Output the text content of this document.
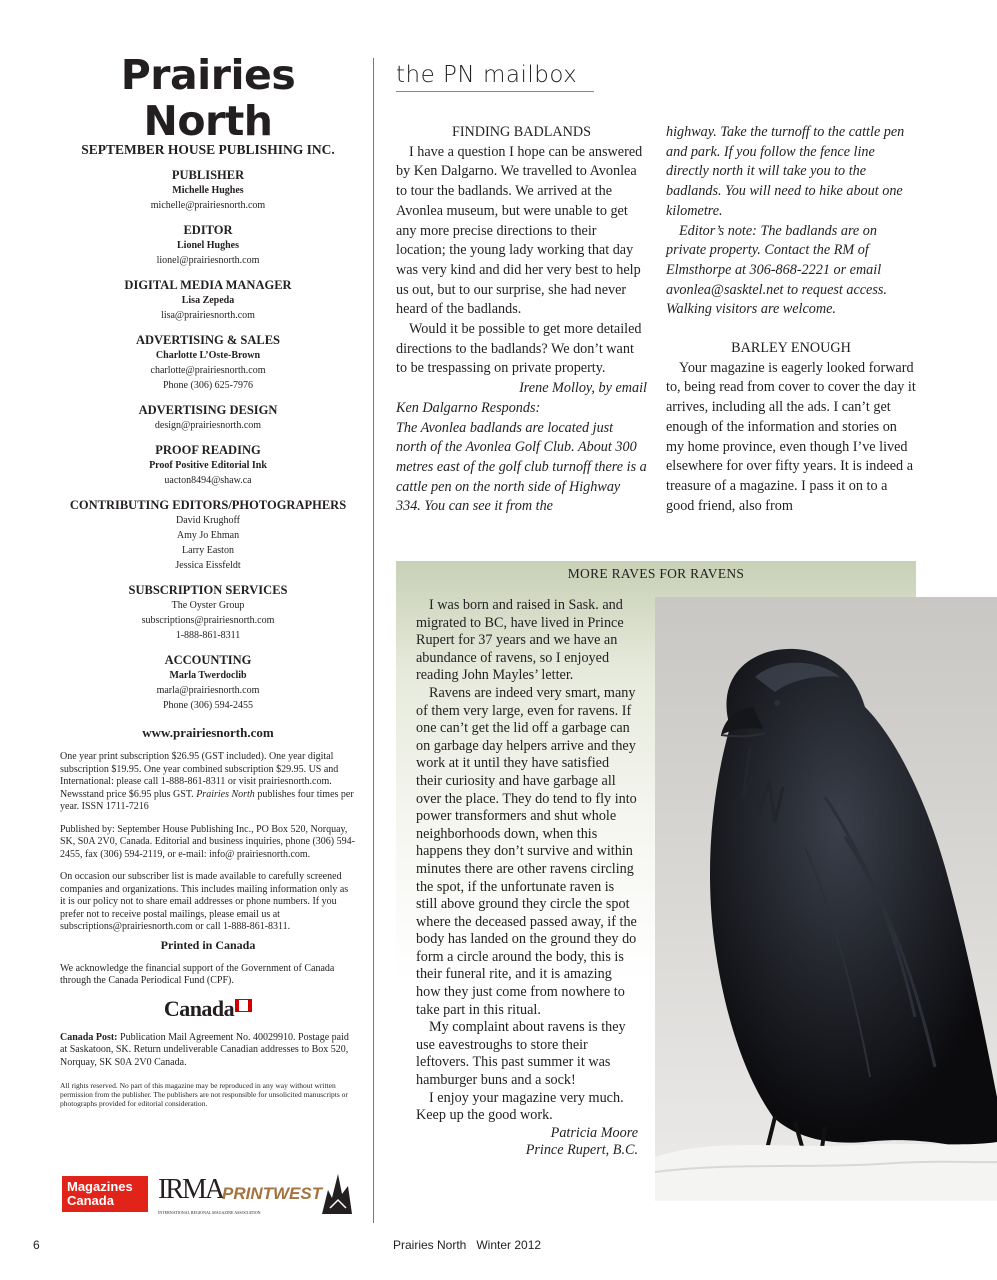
Prairies North
SEPTEMBER HOUSE PUBLISHING INC.
PUBLISHER
Michelle Hughes
michelle@prairiesnorth.com
EDITOR
Lionel Hughes
lionel@prairiesnorth.com
DIGITAL MEDIA MANAGER
Lisa Zepeda
lisa@prairiesnorth.com
ADVERTISING & SALES
Charlotte L’Oste-Brown
charlotte@prairiesnorth.com
Phone (306) 625-7976
ADVERTISING DESIGN
design@prairiesnorth.com
PROOF READING
Proof Positive Editorial Ink
uacton8494@shaw.ca
CONTRIBUTING EDITORS/PHOTOGRAPHERS
David Krughoff
Amy Jo Ehman
Larry Easton
Jessica Eissfeldt
SUBSCRIPTION SERVICES
The Oyster Group
subscriptions@prairiesnorth.com
1-888-861-8311
ACCOUNTING
Marla Twerdoclib
marla@prairiesnorth.com
Phone (306) 594-2455
www.prairiesnorth.com
One year print subscription $26.95 (GST included). One year digital subscription $19.95. One year combined subscription $29.95. US and International: please call 1-888-861-8311 or visit prairiesnorth.com. Newsstand price $6.95 plus GST. Prairies North publishes four times per year. ISSN 1711-7216
Published by: September House Publishing Inc., PO Box 520, Norquay, SK, S0A 2V0, Canada. Editorial and business inquiries, phone (306) 594-2455, fax (306) 594-2119, or e-mail: info@ prairiesnorth.com.
On occasion our subscriber list is made available to carefully screened companies and organizations. This includes mailing information only as it is our policy not to share email addresses or phone numbers. If you prefer not to receive postal mailings, please email us at subscriptions@prairiesnorth.com or call 1-888-861-8311.
Printed in Canada
We acknowledge the financial support of the Government of Canada through the Canada Periodical Fund (CPF).
Canada
Canada Post: Publication Mail Agreement No. 40029910. Postage paid at Saskatoon, SK. Return undeliverable Canadian addresses to Box 520, Norquay, SK S0A 2V0 Canada.
All rights reserved. No part of this magazine may be reproduced in any way without written permission from the publisher. The publishers are not responsible for unsolicited manuscripts or photographs provided for editorial consideration.
Magazines
Canada	IRMA
INTERNATIONAL REGIONAL MAGAZINE ASSOCIATION
PRINTWEST
the PN mailbox

FINDING BADLANDS

I have a question I hope can be answered by Ken Dalgarno. We travelled to Avonlea to tour the badlands. We arrived at the Avonlea museum, but were unable to get any more precise directions to their location; the young lady working that day was very kind and did her very best to help us out, but to our surprise, she had never heard of the badlands.

Would it be possible to get more detailed directions to the badlands? We don’t want to be trespassing on private property.

Irene Molloy, by email

Ken Dalgarno Responds:

The Avonlea badlands are located just north of the Avonlea Golf Club. About 300 metres east of the golf club turnoff there is a cattle pen on the north side of Highway 334. You can see it from the

highway. Take the turnoff to the cattle pen and park. If you follow the fence line directly north it will take you to the badlands. You will need to hike about one kilometre.

Editor’s note: The badlands are on private property. Contact the RM of Elmsthorpe at 306-868-2221 or email avonlea@sasktel.net to request access. Walking visitors are welcome.

BARLEY ENOUGH

Your magazine is eagerly looked forward to, being read from cover to cover the day it arrives, including all the ads. I can’t get enough of the information and stories on my home province, even though I’ve lived elsewhere for over fifty years. It is indeed a treasure of a magazine. I pass it on to a good friend, also from

MORE RAVES FOR RAVENS

I was born and raised in Sask. and migrated to BC, have lived in Prince Rupert for 37 years and we have an abundance of ravens, so I enjoyed reading John Mayles’ letter.

Ravens are indeed very smart, many of them very large, even for ravens. If one can’t get the lid off a garbage can on garbage day helpers arrive and they work at it until they have satisfied their curiosity and have garbage all over the place. They do tend to fly into power transformers and shut whole neighborhoods down, when this happens they don’t survive and within minutes there are other ravens circling the spot, if the unfortunate raven is still above ground they circle the spot where the deceased passed away, if the body has landed on the ground they do form a circle around the body, this is their funeral rite, and it is amazing how they just come from nowhere to take part in this ritual.

My complaint about ravens is they use eavestroughs to store their leftovers. This past summer it was hamburger buns and a sock!

I enjoy your magazine very much. Keep up the good work.

Patricia Moore

Prince Rupert, B.C.

6	Prairies North   Winter 2012
